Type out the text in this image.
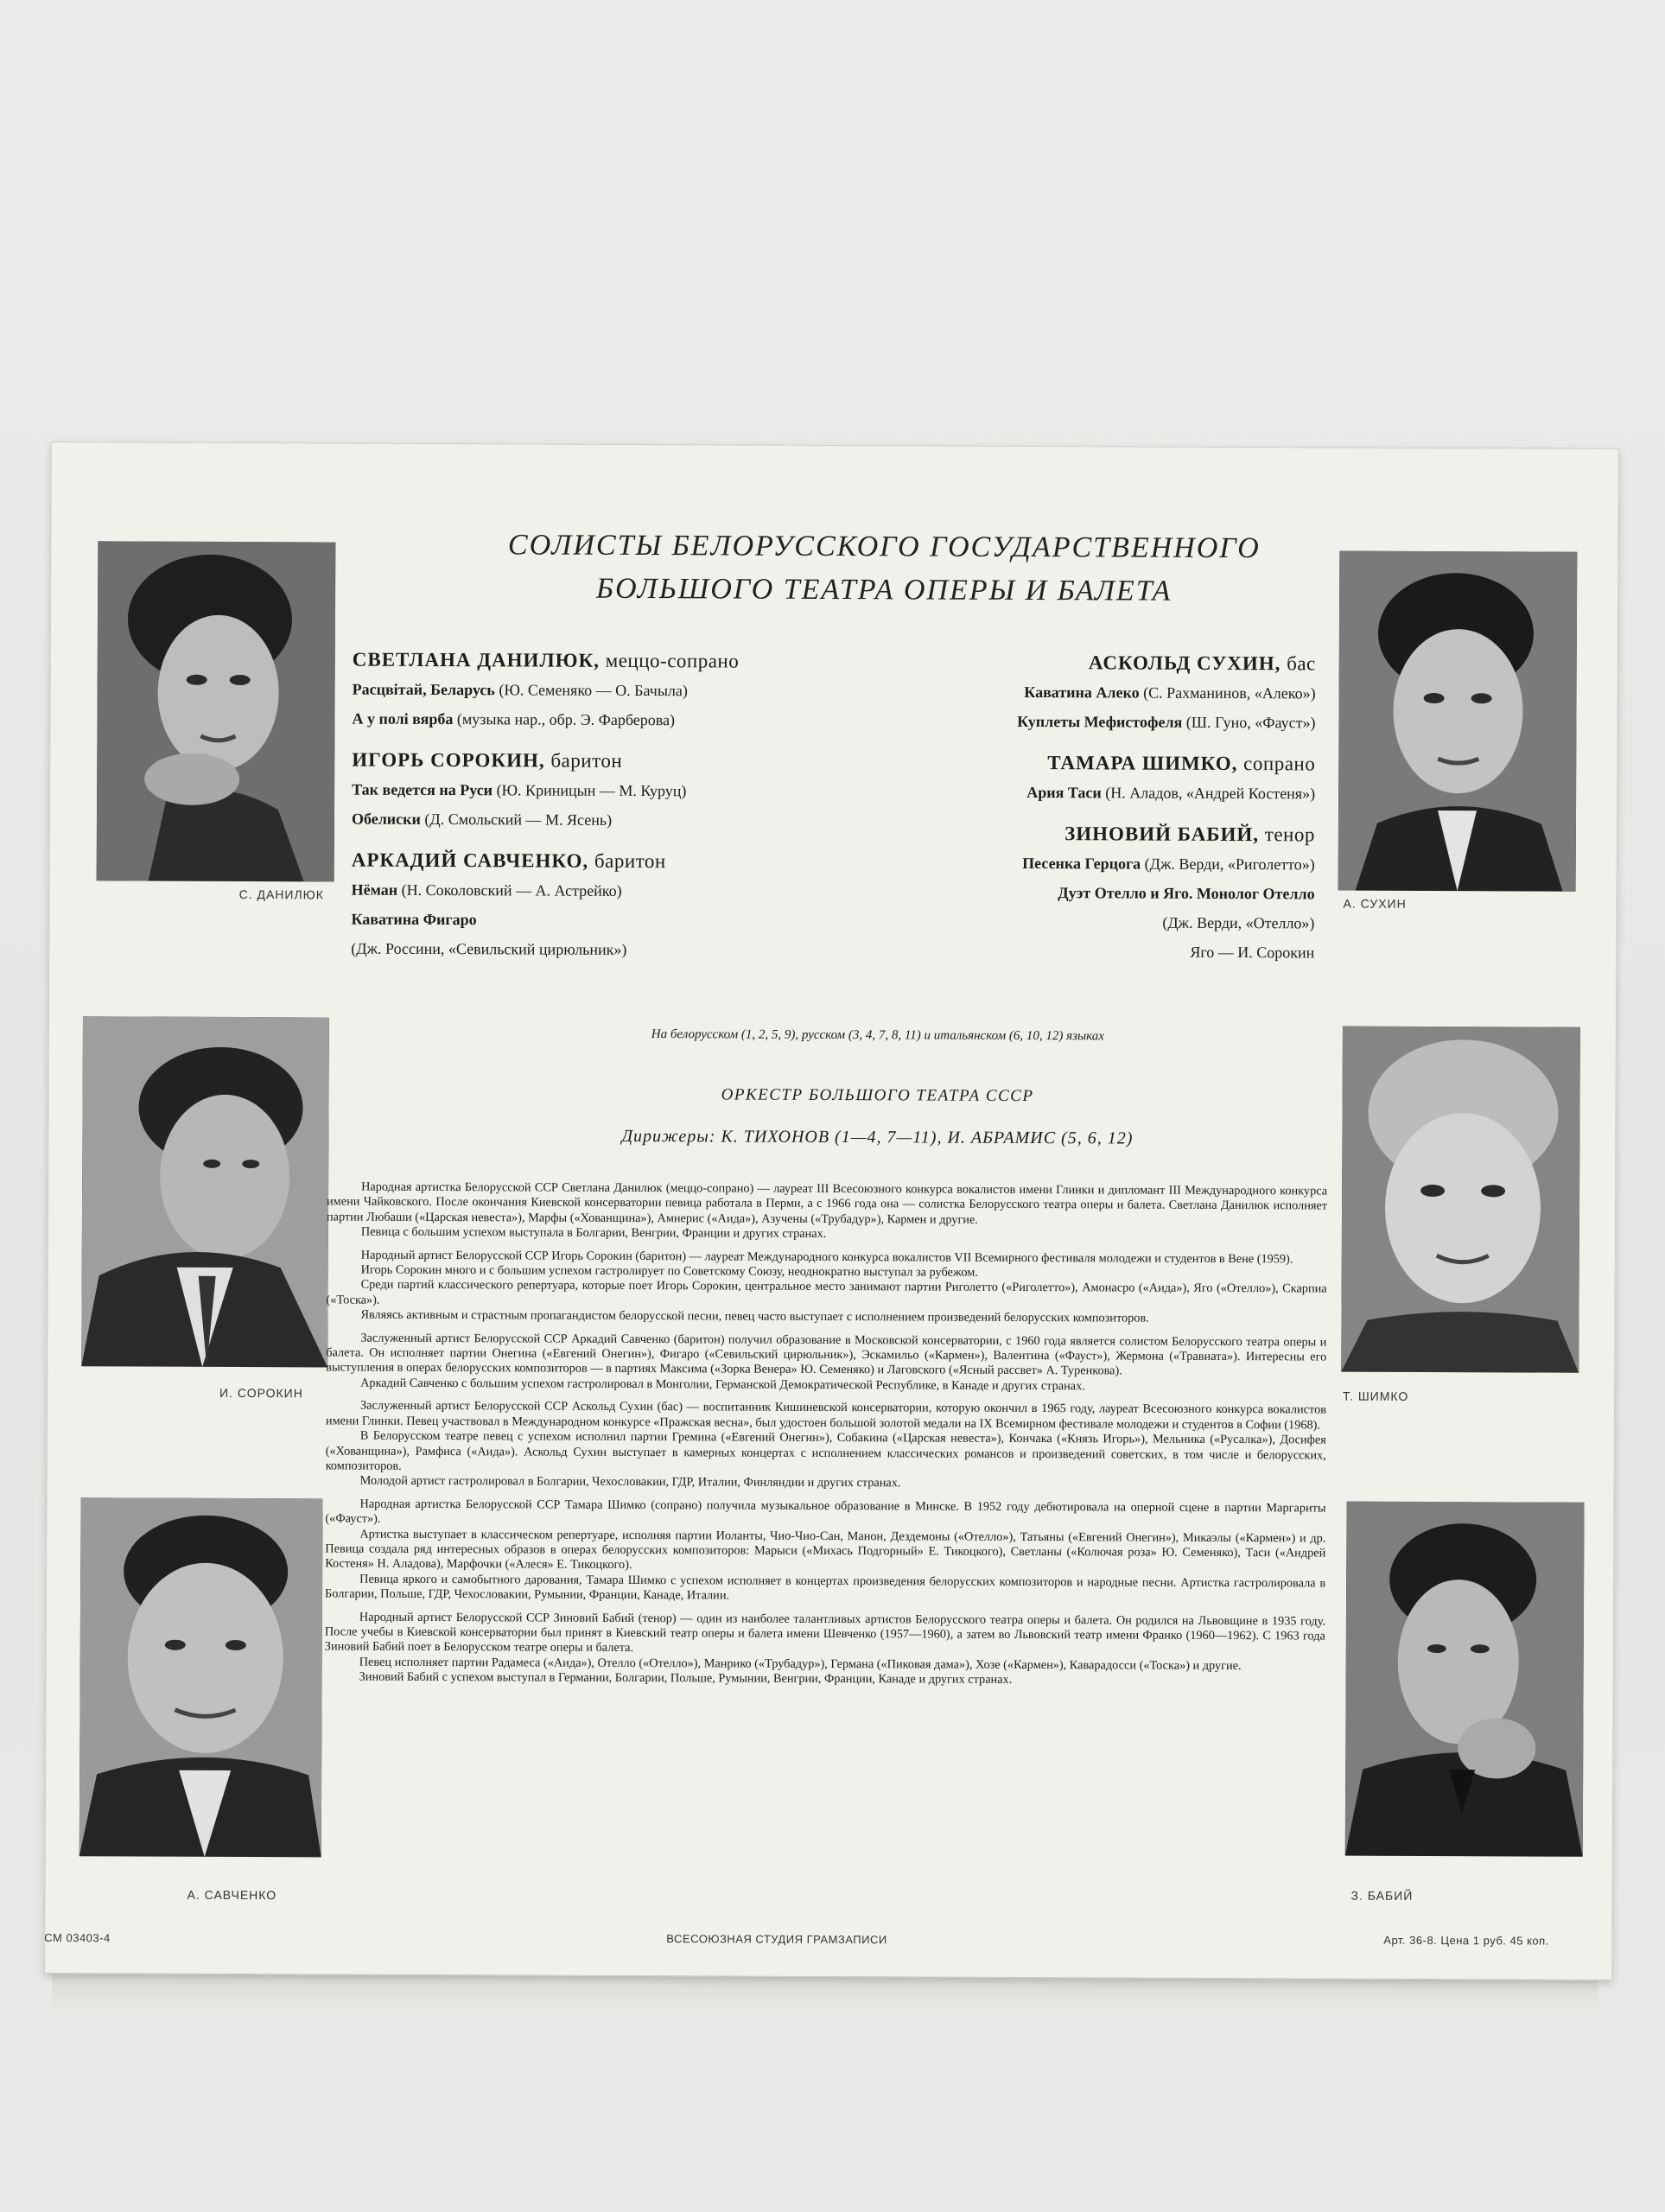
С. ДАНИЛЮК
А. СУХИН
И. СОРОКИН	Т. ШИМКО
А. САВЧЕНКО	З. БАБИЙ
СОЛИСТЫ БЕЛОРУССКОГО ГОСУДАРСТВЕННОГО
БОЛЬШОГО ТЕАТРА ОПЕРЫ И БАЛЕТА
СВЕТЛАНА ДАНИЛЮК, меццо-сопрано
Расцвітай, Беларусь (Ю. Семеняко — О. Бачыла)
А у полі вярба (музыка нар., обр. Э. Фарберова)
ИГОРЬ СОРОКИН, баритон
Так ведется на Руси (Ю. Криницын — М. Куруц)
Обелиски (Д. Смольский — М. Ясень)
АРКАДИЙ САВЧЕНКО, баритон
Нёман (Н. Соколовский — А. Астрейко)
Каватина Фигаро
(Дж. Россини, «Севильский цирюльник»)
АСКОЛЬД СУХИН, бас
Каватина Алеко (С. Рахманинов, «Алеко»)
Куплеты Мефистофеля (Ш. Гуно, «Фауст»)
ТАМАРА ШИМКО, сопрано
Ария Таси (Н. Аладов, «Андрей Костеня»)
ЗИНОВИЙ БАБИЙ, тенор
Песенка Герцога (Дж. Верди, «Риголетто»)
Дуэт Отелло и Яго. Монолог Отелло
(Дж. Верди, «Отелло»)
Яго — И. Сорокин
На белорусском (1, 2, 5, 9), русском (3, 4, 7, 8, 11) и итальянском (6, 10, 12) языках
ОРКЕСТР БОЛЬШОГО ТЕАТРА СССР
Дирижеры: К. ТИХОНОВ (1—4, 7—11), И. АБРАМИС (5, 6, 12)

Народная артистка Белорусской ССР Светлана Данилюк (меццо-сопрано) — лауреат III Всесоюзного конкурса вокалистов имени Глинки и дипломант III Международного конкурса имени Чайковского. После окончания Киевской консерватории певица работала в Перми, а с 1966 года она — солистка Белорусского театра оперы и балета. Светлана Данилюк исполняет партии Любаши («Царская невеста»), Марфы («Хованщина»), Амнерис («Аида»), Азучены («Трубадур»), Кармен и другие.
Певица с большим успехом выступала в Болгарии, Венгрии, Франции и других странах.

Народный артист Белорусской ССР Игорь Сорокин (баритон) — лауреат Международного конкурса вокалистов VII Всемирного фестиваля молодежи и студентов в Вене (1959).
Игорь Сорокин много и с большим успехом гастролирует по Советскому Союзу, неоднократно выступал за рубежом.
Среди партий классического репертуара, которые поет Игорь Сорокин, центральное место занимают партии Риголетто («Риголетто»), Амонасро («Аида»), Яго («Отелло»), Скарпиа («Тоска»).
Являясь активным и страстным пропагандистом белорусской песни, певец часто выступает с исполнением произведений белорусских композиторов.

Заслуженный артист Белорусской ССР Аркадий Савченко (баритон) получил образование в Московской консерватории, с 1960 года является солистом Белорусского театра оперы и балета. Он исполняет партии Онегина («Евгений Онегин»), Фигаро («Севильский цирюльник»), Эскамильо («Кармен»), Валентина («Фауст»), Жермона («Травиата»). Интересны его выступления в операх белорусских композиторов — в партиях Максима («Зорка Венера» Ю. Семеняко) и Лаговского («Ясный рассвет» А. Туренкова).
Аркадий Савченко с большим успехом гастролировал в Монголии, Германской Демократической Республике, в Канаде и других странах.

Заслуженный артист Белорусской ССР Аскольд Сухин (бас) — воспитанник Кишиневской консерватории, которую окончил в 1965 году, лауреат Всесоюзного конкурса вокалистов имени Глинки. Певец участвовал в Международном конкурсе «Пражская весна», был удостоен большой золотой медали на IX Всемирном фестивале молодежи и студентов в Софии (1968).
В Белорусском театре певец с успехом исполнил партии Гремина («Евгений Онегин»), Собакина («Царская невеста»), Кончака («Князь Игорь»), Мельника («Русалка»), Досифея («Хованщина»), Рамфиса («Аида»). Аскольд Сухин выступает в камерных концертах с исполнением классических романсов и произведений советских, в том числе и белорусских, композиторов.
Молодой артист гастролировал в Болгарии, Чехословакии, ГДР, Италии, Финляндии и других странах.

Народная артистка Белорусской ССР Тамара Шимко (сопрано) получила музыкальное образование в Минске. В 1952 году дебютировала на оперной сцене в партии Маргариты («Фауст»).
Артистка выступает в классическом репертуаре, исполняя партии Иоланты, Чио-Чио-Сан, Манон, Дездемоны («Отелло»), Татьяны («Евгений Онегин»), Микаэлы («Кармен») и др. Певица создала ряд интересных образов в операх белорусских композиторов: Марыси («Михась Подгорный» Е. Тикоцкого), Светланы («Колючая роза» Ю. Семеняко), Таси («Андрей Костеня» Н. Аладова), Марфочки («Алеся» Е. Тикоцкого).
Певица яркого и самобытного дарования, Тамара Шимко с успехом исполняет в концертах произведения белорусских композиторов и народные песни. Артистка гастролировала в Болгарии, Польше, ГДР, Чехословакии, Румынии, Франции, Канаде, Италии.

Народный артист Белорусской ССР Зиновий Бабий (тенор) — один из наиболее талантливых артистов Белорусского театра оперы и балета. Он родился на Львовщине в 1935 году. После учебы в Киевской консерватории был принят в Киевский театр оперы и балета имени Шевченко (1957—1960), а затем во Львовский театр имени Франко (1960—1962). С 1963 года Зиновий Бабий поет в Белорусском театре оперы и балета.
Певец исполняет партии Радамеса («Аида»), Отелло («Отелло»), Манрико («Трубадур»), Германа («Пиковая дама»), Хозе («Кармен»), Каварадосси («Тоска») и другие.
Зиновий Бабий с успехом выступал в Германии, Болгарии, Польше, Румынии, Венгрии, Франции, Канаде и других странах.

СМ 03403-4	ВСЕСОЮЗНАЯ СТУДИЯ ГРАМЗАПИСИ	Арт. 36-8. Цена 1 руб. 45 коп.
